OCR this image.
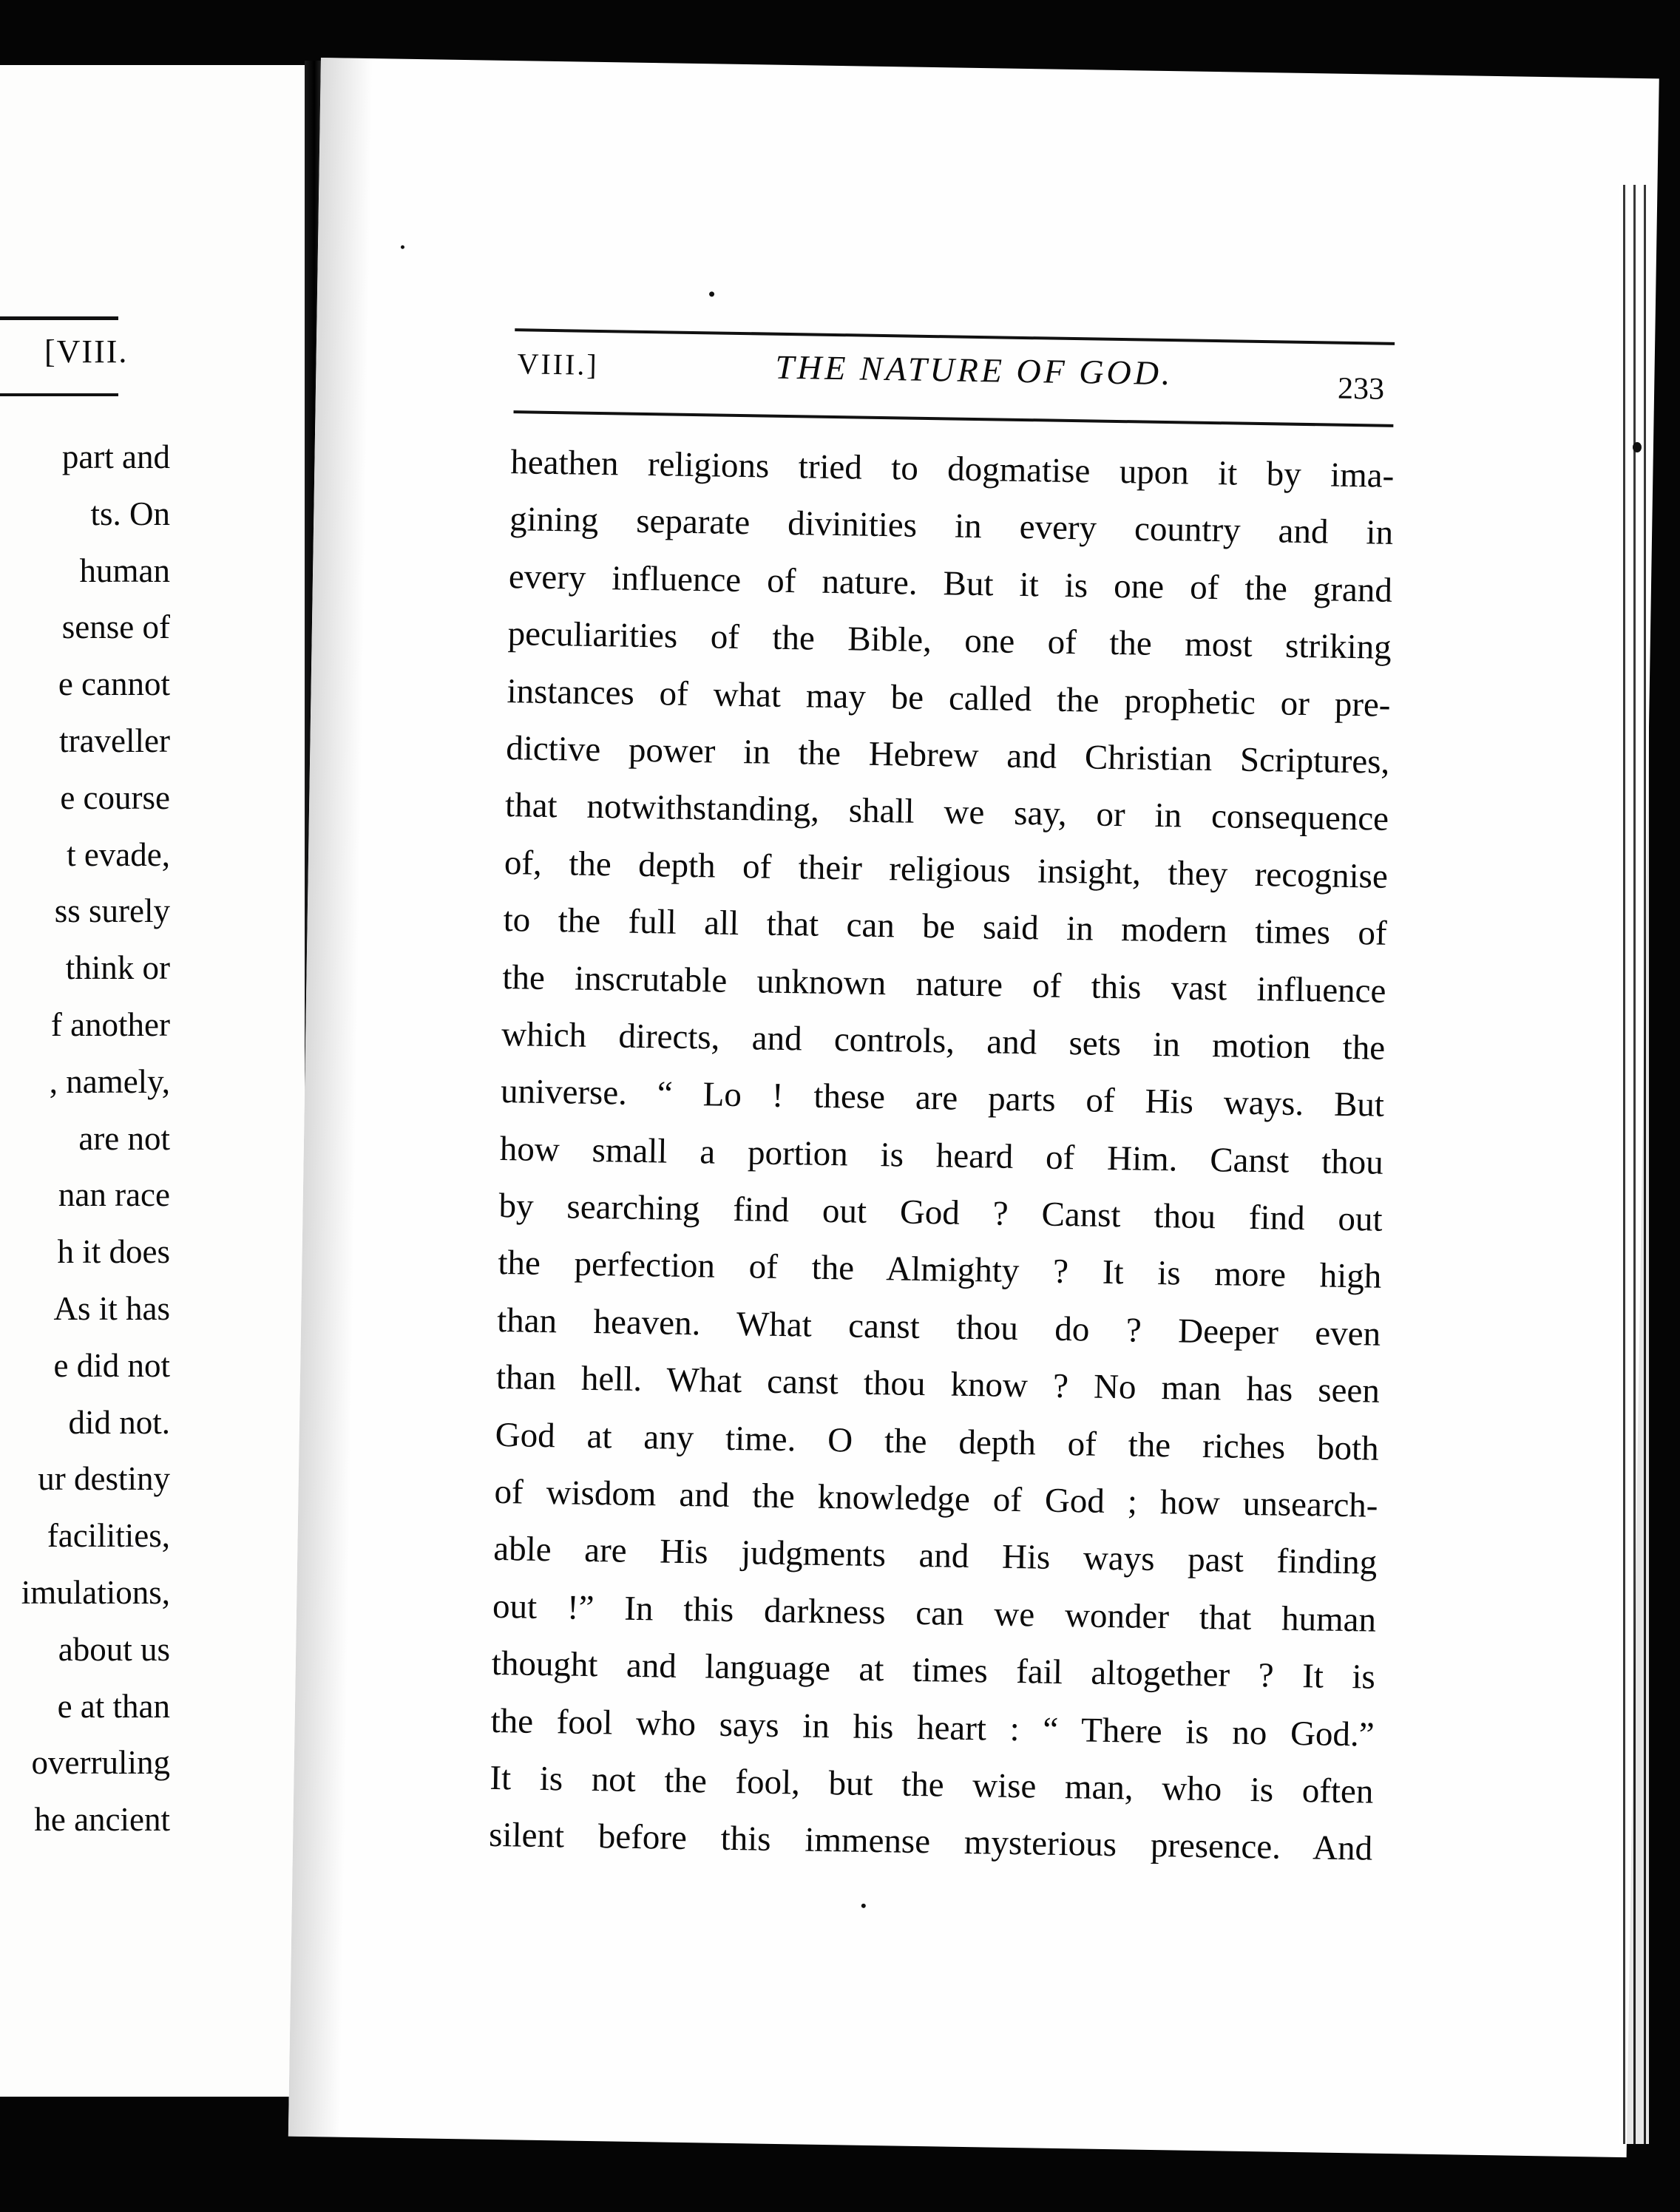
[VIII.
part and
ts. On
human
sense of
e cannot
traveller
e course
t evade,
ss surely
think or
f another
, namely,
are not
nan race
h it does
As it has
e did not
did not.
ur destiny
facilities,
imulations,
about us
e at than
overruling
he ancient
VIII.]	THE NATURE OF GOD.	233
heathen religions tried to dogmatise upon it by ima-
gining separate divinities in every country and in
every influence of nature. But it is one of the grand
peculiarities of the Bible, one of the most striking
instances of what may be called the prophetic or pre-
dictive power in the Hebrew and Christian Scriptures,
that notwithstanding, shall we say, or in consequence
of, the depth of their religious insight, they recognise
to the full all that can be said in modern times of
the inscrutable unknown nature of this vast influence
which directs, and controls, and sets in motion the
universe. “ Lo ! these are parts of His ways. But
how small a portion is heard of Him. Canst thou
by searching find out God ? Canst thou find out
the perfection of the Almighty ? It is more high
than heaven. What canst thou do ? Deeper even
than hell. What canst thou know ? No man has seen
God at any time. O the depth of the riches both
of wisdom and the knowledge of God ; how unsearch-
able are His judgments and His ways past finding
out !” In this darkness can we wonder that human
thought and language at times fail altogether ? It is
the fool who says in his heart : “ There is no God.”
It is not the fool, but the wise man, who is often
silent before this immense mysterious presence. And
